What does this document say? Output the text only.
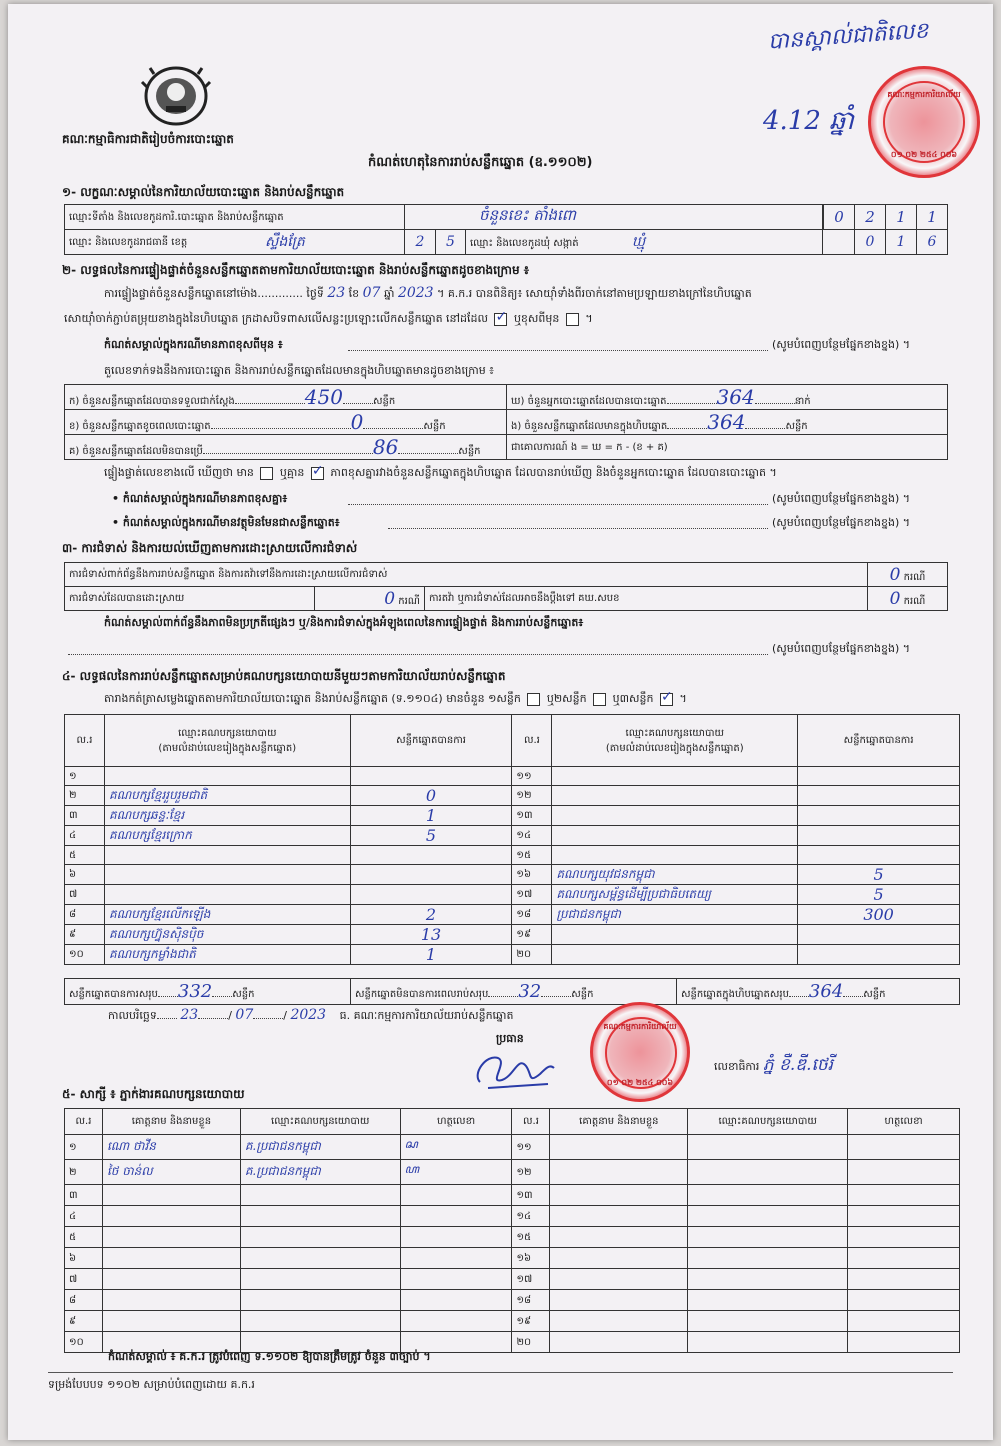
បានស្គាល់ជាតិលេខ
4.12 ឆ្នាំ
គណៈកម្មការការិយាល័យ
០១ ០២ ២៥៤ ០០៦
គណៈកម្មាធិការជាតិរៀបចំការបោះឆ្នោត
កំណត់ហេតុនៃការរាប់សន្លឹកឆ្នោត (ឧ.១១០២)
១- លក្ខណៈសម្គាល់នៃការិយាល័យបោះឆ្នោត និងរាប់សន្លឹកឆ្នោត
ឈ្មោះទីតាំង និងលេខកូដការិ.បោះឆ្នោត និងរាប់សន្លឹកឆ្នោត	ចំនួនខេះ តាំងពោ		0 2 1 1

ឈ្មោះ និងលេខកូដរាជធានី ខេត្ត ស្ទឹងត្រែ	2 5	ឈ្មោះ និងលេខកូដឃុំ សង្កាត់ ឃ្មុំ	0 1 6
២- លទ្ធផលនៃការផ្ទៀងផ្ទាត់ចំនួនសន្លឹកឆ្នោតតាមការិយាល័យបោះឆ្នោត និងរាប់សន្លឹកឆ្នោតដូចខាងក្រោម ៖
ការផ្ទៀងផ្ទាត់ចំនួនសន្លឹកឆ្នោតនៅម៉ោង............. ថ្ងៃទី 23 ខែ 07 ឆ្នាំ 2023 ។ គ.ក.រ បានពិនិត្យ៖ សោយ៉ាំទាំងពីរចាក់នៅតាមប្រឡាយខាងក្រៅនៃហិបឆ្នោត
សោយ៉ាំចាក់ភ្ជាប់តម្រុយខាងក្នុងនៃហិបឆ្នោត ក្រដាសបិទពាសលើសន្លះប្រឡោះលើកសន្លឹកឆ្នោត នៅដដែល ✓ ឬខុសពីមុន  ។
កំណត់សម្គាល់ក្នុងករណីមានភាពខុសពីមុន ៖	(សូមបំពេញបន្ថែមផ្នែកខាងខ្នង) ។
តួលេខទាក់ទងនឹងការបោះឆ្នោត និងការរាប់សន្លឹកឆ្នោតដែលមានក្នុងហិបឆ្នោតមានដូចខាងក្រោម ៖
ក) ចំនួនសន្លឹកឆ្នោតដែលបានទទួលជាក់ស្តែង 450 សន្លឹក	ឃ) ចំនួនអ្នកបោះឆ្នោតដែលបានបោះឆ្នោត 364 នាក់
ខ) ចំនួនសន្លឹកឆ្នោតខូចពេលបោះឆ្នោត 0 សន្លឹក	ង) ចំនួនសន្លឹកឆ្នោតដែលមានក្នុងហិបឆ្នោត 364 សន្លឹក
គ) ចំនួនសន្លឹកឆ្នោតដែលមិនបានប្រើ 86 សន្លឹក	ជាគោលការណ៍ ង = ឃ = ក - (ខ + គ)
ផ្ទៀងផ្ទាត់លេខខាងលើ ឃើញថា មាន ឬគ្មាន ✓ ភាពខុសគ្នារវាងចំនួនសន្លឹកឆ្នោតក្នុងហិបឆ្នោត ដែលបានរាប់ឃើញ និងចំនួនអ្នកបោះឆ្នោត ដែលបានបោះឆ្នោត ។
• កំណត់សម្គាល់ក្នុងករណីមានភាពខុសគ្នា៖	(សូមបំពេញបន្ថែមផ្នែកខាងខ្នង) ។
• កំណត់សម្គាល់ក្នុងករណីមានវត្ថុមិនមែនជាសន្លឹកឆ្នោត៖	(សូមបំពេញបន្ថែមផ្នែកខាងខ្នង) ។
៣- ការជំទាស់ និងការយល់ឃើញតាមការដោះស្រាយលើការជំទាស់
ការជំទាស់ពាក់ព័ន្ធនឹងការរាប់សន្លឹកឆ្នោត និងការតវ៉ាទៅនឹងការដោះស្រាយលើការជំទាស់			0 ករណី
ការជំទាស់ដែលបានដោះស្រាយ	0 ករណី	ការតវ៉ា ឬការជំទាស់ដែលអាចនឹងប្តឹងទៅ គឃ.សបខ	0 ករណី
កំណត់សម្គាល់ពាក់ព័ន្ធនឹងភាពមិនប្រក្រតីផ្សេងៗ ឬ/និងការជំទាស់ក្នុងអំឡុងពេលនៃការផ្ទៀងផ្ទាត់ និងការរាប់សន្លឹកឆ្នោត៖
(សូមបំពេញបន្ថែមផ្នែកខាងខ្នង) ។
៤- លទ្ធផលនៃការរាប់សន្លឹកឆ្នោតសម្រាប់គណបក្សនយោបាយនីមួយៗតាមការិយាល័យរាប់សន្លឹកឆ្នោត
តារាងកត់ត្រាសម្លេងឆ្នោតតាមការិយាល័យបោះឆ្នោត និងរាប់សន្លឹកឆ្នោត (ទ.១១០៤) មានចំនួន ១សន្លឹក ឬ២សន្លឹក ឬ៣សន្លឹក ✓ ។
ល.រ	ឈ្មោះគណបក្សនយោបាយ
(តាមលំដាប់លេខរៀងក្នុងសន្លឹកឆ្នោត)	សន្លឹកឆ្នោតបានការ	ល.រ	ឈ្មោះគណបក្សនយោបាយ
(តាមលំដាប់លេខរៀងក្នុងសន្លឹកឆ្នោត)	សន្លឹកឆ្នោតបានការ
១			១១		
២	គណបក្សខ្មែររួបរួមជាតិ	0	១២		
៣	គណបក្សឆន្ទៈខ្មែរ	1	១៣		
៤	គណបក្សខ្មែរក្រោក	5	១៤		
៥			១៥		
៦			១៦	គណបក្សយុវជនកម្ពុជា	5
៧			១៧	គណបក្សសម្ព័ន្ធដើម្បីប្រជាធិបតេយ្យ	5
៨	គណបក្សខ្មែរលើកឡើង	2	១៨	ប្រជាជនកម្ពុជា	300
៩	គណបក្សហ្វ៊ុនស៊ិនប៉ិច	13	១៩		
១០	គណបក្សកម្លាំងជាតិ	1	២០		
សន្លឹកឆ្នោតបានការសរុប 332 សន្លឹក	សន្លឹកឆ្នោតមិនបានការពេលរាប់សរុប 32	សន្លឹក	សន្លឹកឆ្នោតក្នុងហិបឆ្នោតសរុប 364 សន្លឹក
កាលបរិច្ឆេទ 23	/ 07	/ 2023 ធ. គណៈកម្មការការិយាល័យរាប់សន្លឹកឆ្នោត
ប្រធាន
គណៈកម្មការការិយាល័យ
០១ ០២ ២៥៤ ០០៦
លេខាធិការ ភ្នំ ខឺ.ឌី.ថេរី
៥- សាក្សី ៖ ភ្នាក់ងារគណបក្សនយោបាយ
ល.រ	គោត្តនាម និងនាមខ្លួន	ឈ្មោះគណបក្សនយោបាយ	ហត្ថលេខា	ល.រ	គោត្តនាម និងនាមខ្លួន	ឈ្មោះគណបក្សនយោបាយ	ហត្ថលេខា
១	ណោ ថាវីន	គ.ប្រជាជនកម្ពុជា	ꦱ	១១			
២	ថៃ ចាន់ល	គ.ប្រជាជនកម្ពុជា	ꦲ	១២			
៣				១៣			
៤				១៤			
៥				១៥			
៦				១៦			
៧				១៧			
៨				១៨			
៩				១៩			
១០				២០			
កំណត់សម្គាល់ ៖ គ.ក.រ ត្រូវបំពេញ ទ.១១០២ ឱ្យបានត្រឹមត្រូវ ចំនួន ៣ច្បាប់ ។
ទម្រង់បែបបទ ១១០២ សម្រាប់បំពេញដោយ គ.ក.រ
